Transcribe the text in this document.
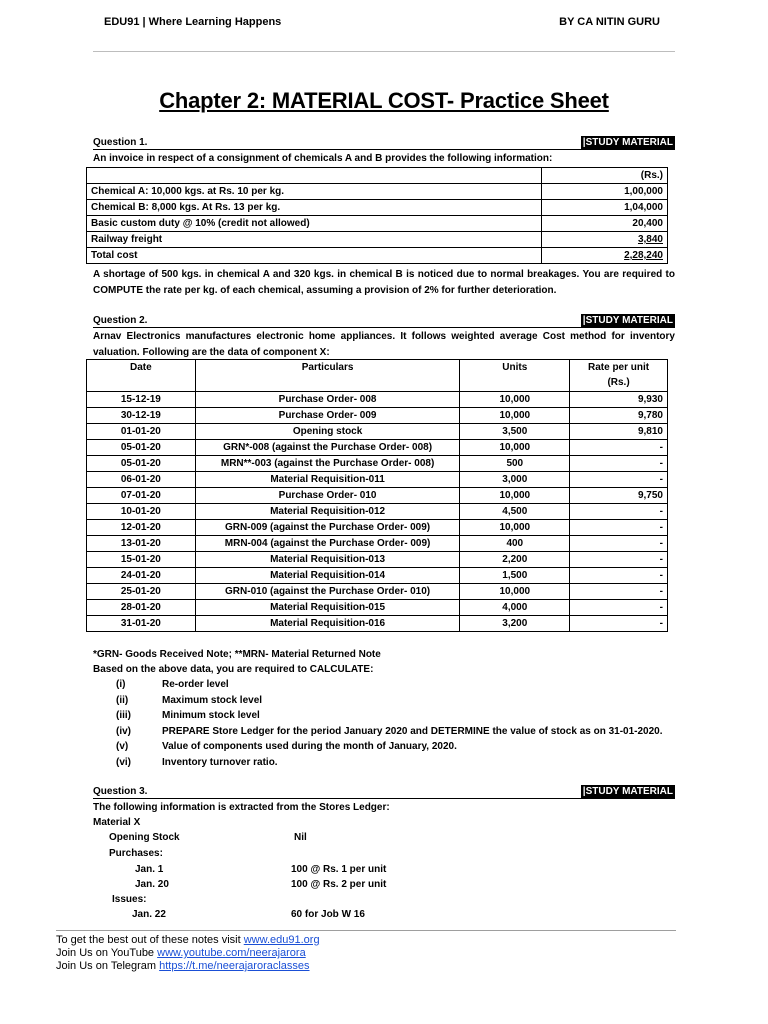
EDU91 | Where Learning Happens	BY CA NITIN GURU
Chapter 2: MATERIAL COST- Practice Sheet
Question 1.	|STUDY MATERIAL
An invoice in respect of a consignment of chemicals A and B provides the following information:
	(Rs.)
Chemical A: 10,000 kgs. at Rs. 10 per kg.	1,00,000
Chemical B: 8,000 kgs. At Rs. 13 per kg.	1,04,000
Basic custom duty @ 10% (credit not allowed)	20,400
Railway freight	3,840
Total cost	2,28,240
A shortage of 500 kgs. in chemical A and 320 kgs. in chemical B is noticed due to normal breakages. You are required to COMPUTE the rate per kg. of each chemical, assuming a provision of 2% for further deterioration.
Question 2.	|STUDY MATERIAL
Arnav Electronics manufactures electronic home appliances. It follows weighted average Cost method for inventory valuation. Following are the data of component X:
Date	Particulars	Units	Rate per unit
(Rs.)

15-12-19	Purchase Order- 008	10,000	9,930
30-12-19	Purchase Order- 009	10,000	9,780
01-01-20	Opening stock	3,500	9,810
05-01-20	GRN*-008 (against the Purchase Order- 008)	10,000	-
05-01-20	MRN**-003 (against the Purchase Order- 008)	500	-
06-01-20	Material Requisition-011	3,000	-
07-01-20	Purchase Order- 010	10,000	9,750
10-01-20	Material Requisition-012	4,500	-
12-01-20	GRN-009 (against the Purchase Order- 009)	10,000	-
13-01-20	MRN-004 (against the Purchase Order- 009)	400	-
15-01-20	Material Requisition-013	2,200	-
24-01-20	Material Requisition-014	1,500	-
25-01-20	GRN-010 (against the Purchase Order- 010)	10,000	-
28-01-20	Material Requisition-015	4,000	-
31-01-20	Material Requisition-016	3,200	-
*GRN- Goods Received Note; **MRN- Material Returned Note
Based on the above data, you are required to CALCULATE:
(i)	Re-order level
(ii)	Maximum stock level
(iii)	Minimum stock level
(iv)	PREPARE Store Ledger for the period January 2020 and DETERMINE the value of stock as on 31-01-2020.
(v)	Value of components used during the month of January, 2020.
(vi)	Inventory turnover ratio.
Question 3.	|STUDY MATERIAL
The following information is extracted from the Stores Ledger:
Material X
Opening Stock	Nil
Purchases:
Jan. 1	100 @ Rs. 1 per unit
Jan. 20	100 @ Rs. 2 per unit
Issues:
Jan. 22	60 for Job W 16
To get the best out of these notes visit www.edu91.org
Join Us on YouTube www.youtube.com/neerajarora
Join Us on Telegram https://t.me/neerajaroraclasses
